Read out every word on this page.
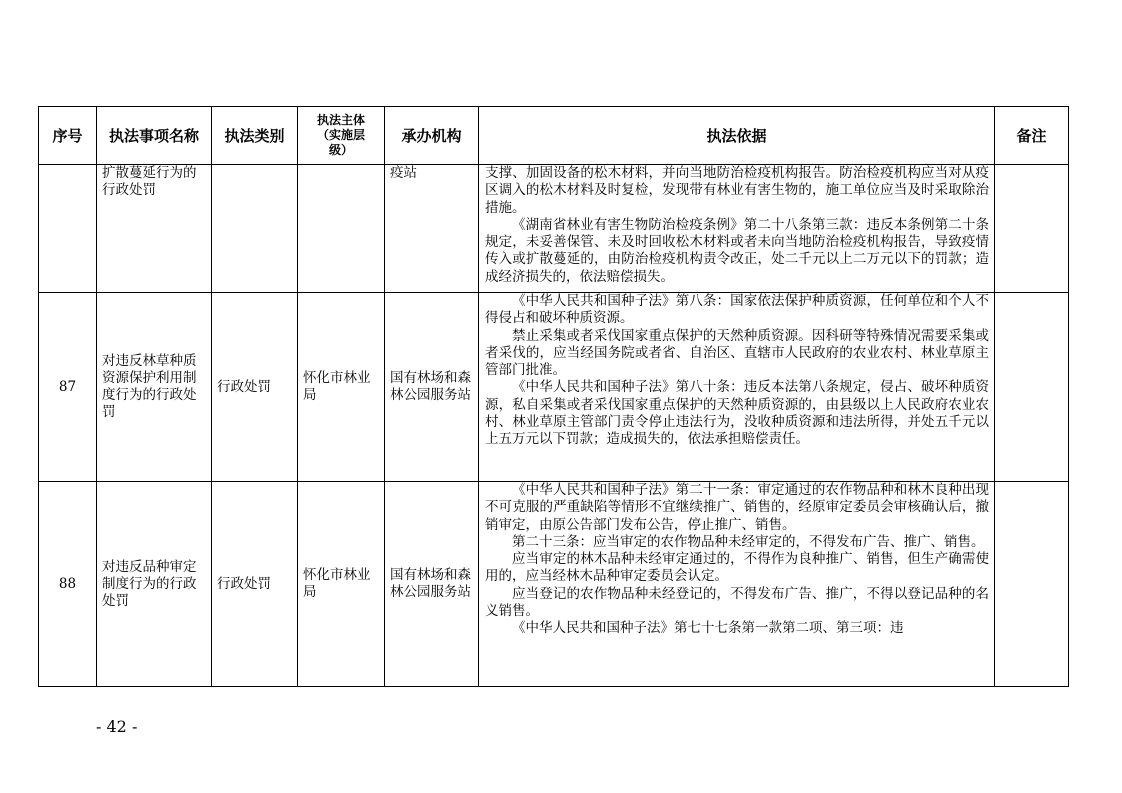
序号	执法事项名称	执法类别	执法主体（实施层级）	承办机构	执法依据	备注

	扩散蔓延行为的行政处罚			疫站	支撑、加固设备的松木材料，并向当地防治检疫机构报告。防治检疫机构应当对从疫区调入的松木材料及时复检，发现带有林业有害生物的，施工单位应当及时采取除治措施。
《湖南省林业有害生物防治检疫条例》第二十八条第三款：违反本条例第二十条规定，未妥善保管、未及时回收松木材料或者未向当地防治检疫机构报告，导致疫情传入或扩散蔓延的，由防治检疫机构责令改正，处二千元以上二万元以下的罚款；造成经济损失的，依法赔偿损失。	

87	对违反林草种质资源保护利用制度行为的行政处罚	行政处罚	怀化市林业局	国有林场和森林公园服务站	《中华人民共和国种子法》第八条：国家依法保护种质资源，任何单位和个人不得侵占和破坏种质资源。
禁止采集或者采伐国家重点保护的天然种质资源。因科研等特殊情况需要采集或者采伐的，应当经国务院或者省、自治区、直辖市人民政府的农业农村、林业草原主管部门批准。
《中华人民共和国种子法》第八十条：违反本法第八条规定，侵占、破坏种质资源，私自采集或者采伐国家重点保护的天然种质资源的，由县级以上人民政府农业农村、林业草原主管部门责令停止违法行为，没收种质资源和违法所得，并处五千元以上五万元以下罚款；造成损失的，依法承担赔偿责任。	

88	对违反品种审定制度行为的行政处罚	行政处罚	怀化市林业局	国有林场和森林公园服务站	《中华人民共和国种子法》第二十一条：审定通过的农作物品种和林木良种出现不可克服的严重缺陷等情形不宜继续推广、销售的，经原审定委员会审核确认后，撤销审定，由原公告部门发布公告，停止推广、销售。
第二十三条：应当审定的农作物品种未经审定的，不得发布广告、推广、销售。
应当审定的林木品种未经审定通过的，不得作为良种推广、销售，但生产确需使用的，应当经林木品种审定委员会认定。
应当登记的农作物品种未经登记的，不得发布广告、推广，不得以登记品种的名义销售。
《中华人民共和国种子法》第七十七条第一款第二项、第三项：违	

- 42 -
